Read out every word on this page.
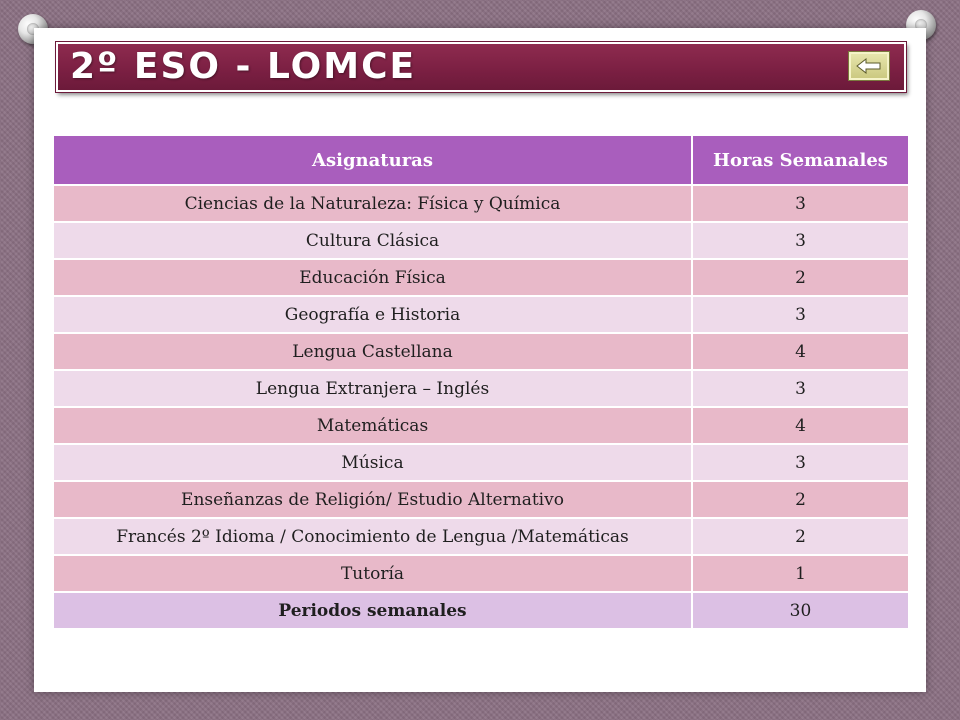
2º ESO - LOMCE
Asignaturas	Horas Semanales
Ciencias de la Naturaleza: Física y Química	3
Cultura Clásica	3
Educación Física	2
Geografía e Historia	3
Lengua Castellana	4
Lengua Extranjera – Inglés	3
Matemáticas	4
Música	3
Enseñanzas de Religión/ Estudio Alternativo	2
Francés 2º Idioma / Conocimiento de Lengua /Matemáticas	2
Tutoría	1
Periodos semanales	30
